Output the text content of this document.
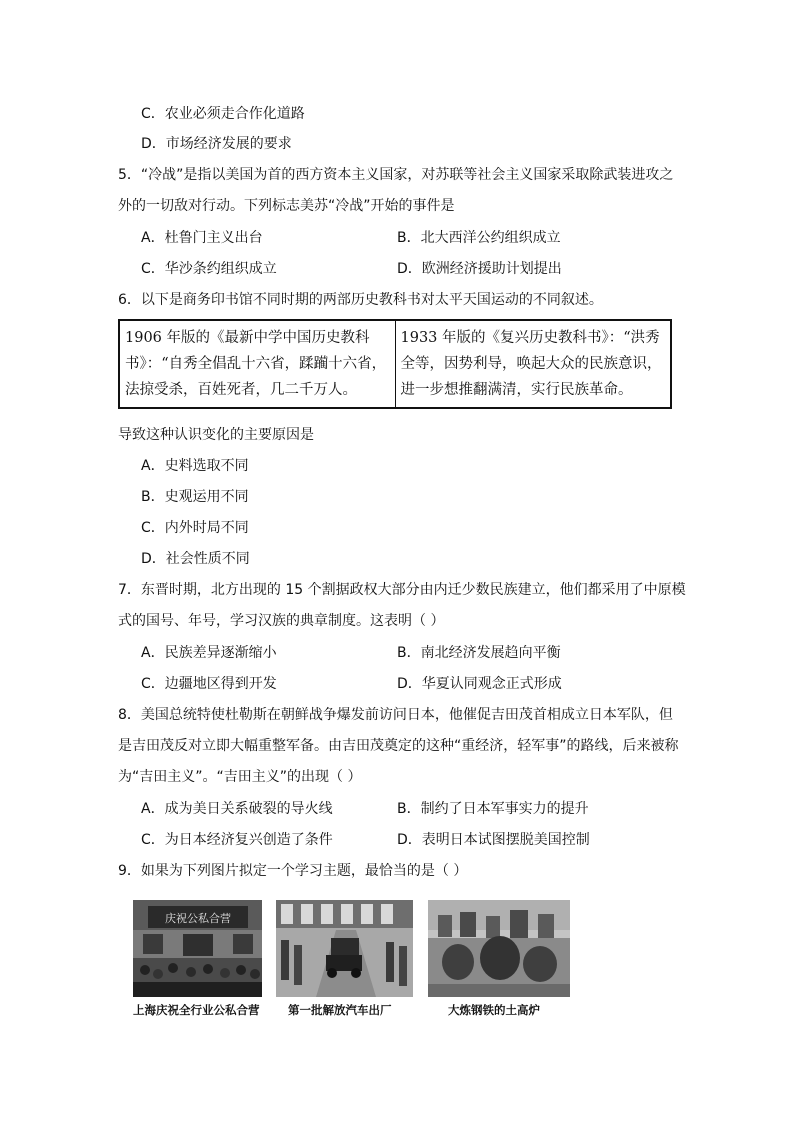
C．农业必须走合作化道路
D．市场经济发展的要求
5．“冷战”是指以美国为首的西方资本主义国家，对苏联等社会主义国家采取除武装进攻之
外的一切敌对行动。下列标志美苏“冷战”开始的事件是
A．杜鲁门主义出台	B．北大西洋公约组织成立
C．华沙条约组织成立	D．欧洲经济援助计划提出
6．以下是商务印书馆不同时期的两部历史教科书对太平天国运动的不同叙述。
1906 年版的《最新中学中国历史教科书》：“自秀全倡乱十六省，蹂躏十六省，法掠受杀，百姓死者，几二千万人。	1933 年版的《复兴历史教科书》：“洪秀全等，因势利导，唤起大众的民族意识，进一步想推翻满清，实行民族革命。
导致这种认识变化的主要原因是
A．史料选取不同
B．史观运用不同
C．内外时局不同
D．社会性质不同
7．东晋时期，北方出现的 15 个割据政权大部分由内迁少数民族建立，他们都采用了中原模
式的国号、年号，学习汉族的典章制度。这表明（ ）
A．民族差异逐渐缩小	B．南北经济发展趋向平衡
C．边疆地区得到开发	D．华夏认同观念正式形成
8．美国总统特使杜勒斯在朝鲜战争爆发前访问日本，他催促吉田茂首相成立日本军队，但
是吉田茂反对立即大幅重整军备。由吉田茂奠定的这种“重经济，轻军事”的路线，后来被称
为“吉田主义”。“吉田主义”的出现（ ）
A．成为美日关系破裂的导火线	B．制约了日本军事实力的提升
C．为日本经济复兴创造了条件	D．表明日本试图摆脱美国控制
9．如果为下列图片拟定一个学习主题，最恰当的是（ ）
庆祝公私合营
上海庆祝全行业公私合营 第一批解放汽车出厂	大炼钢铁的土高炉
